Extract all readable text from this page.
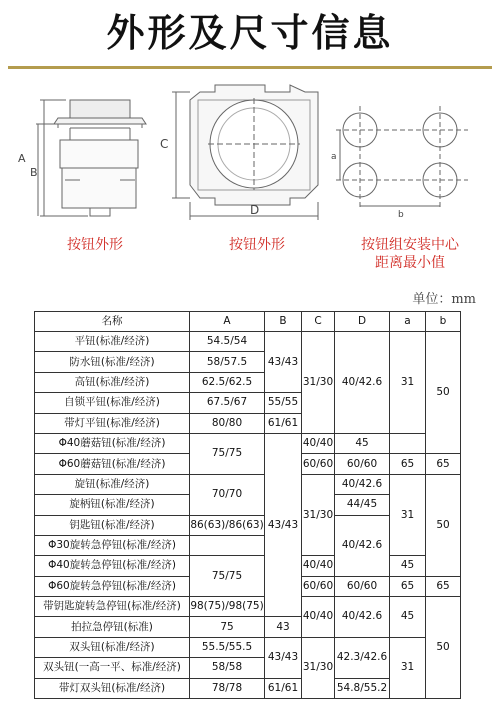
外形及尺寸信息
A
B
C
D
a
b
按钮外形	按钮外形	按钮组安装中心
距离最小值
单位：mm
名称	A	B	C	D	a	b
平钮(标准/经济)	54.5/54	43/43	31/30	40/42.6	31	50
防水钮(标准/经济)	58/57.5					
高钮(标准/经济)	62.5/62.5					
自锁平钮(标准/经济)	67.5/67	55/55				
带灯平钮(标准/经济)	80/80	61/61				
Φ40蘑菇钮(标准/经济)	75/75	43/43	40/40	45		
Φ60蘑菇钮(标准/经济)			60/60	60/60	65	65
旋钮(标准/经济)	70/70		31/30	40/42.6	31	50
旋柄钮(标准/经济)				44/45		
钥匙钮(标准/经济)	86(63)/86(63)			40/42.6		
Φ30旋转急停钮(标准/经济)						
Φ40旋转急停钮(标准/经济)	75/75		40/40		45	
Φ60旋转急停钮(标准/经济)			60/60	60/60	65	65
带钥匙旋转急停钮(标准/经济)	98(75)/98(75)		40/40	40/42.6	45	50
拍拉急停钮(标准)	75	43				
双头钮(标准/经济)	55.5/55.5	43/43	31/30	42.3/42.6	31	
双头钮(一高一平、标准/经济)	58/58					
带灯双头钮(标准/经济)	78/78	61/61		54.8/55.2		
